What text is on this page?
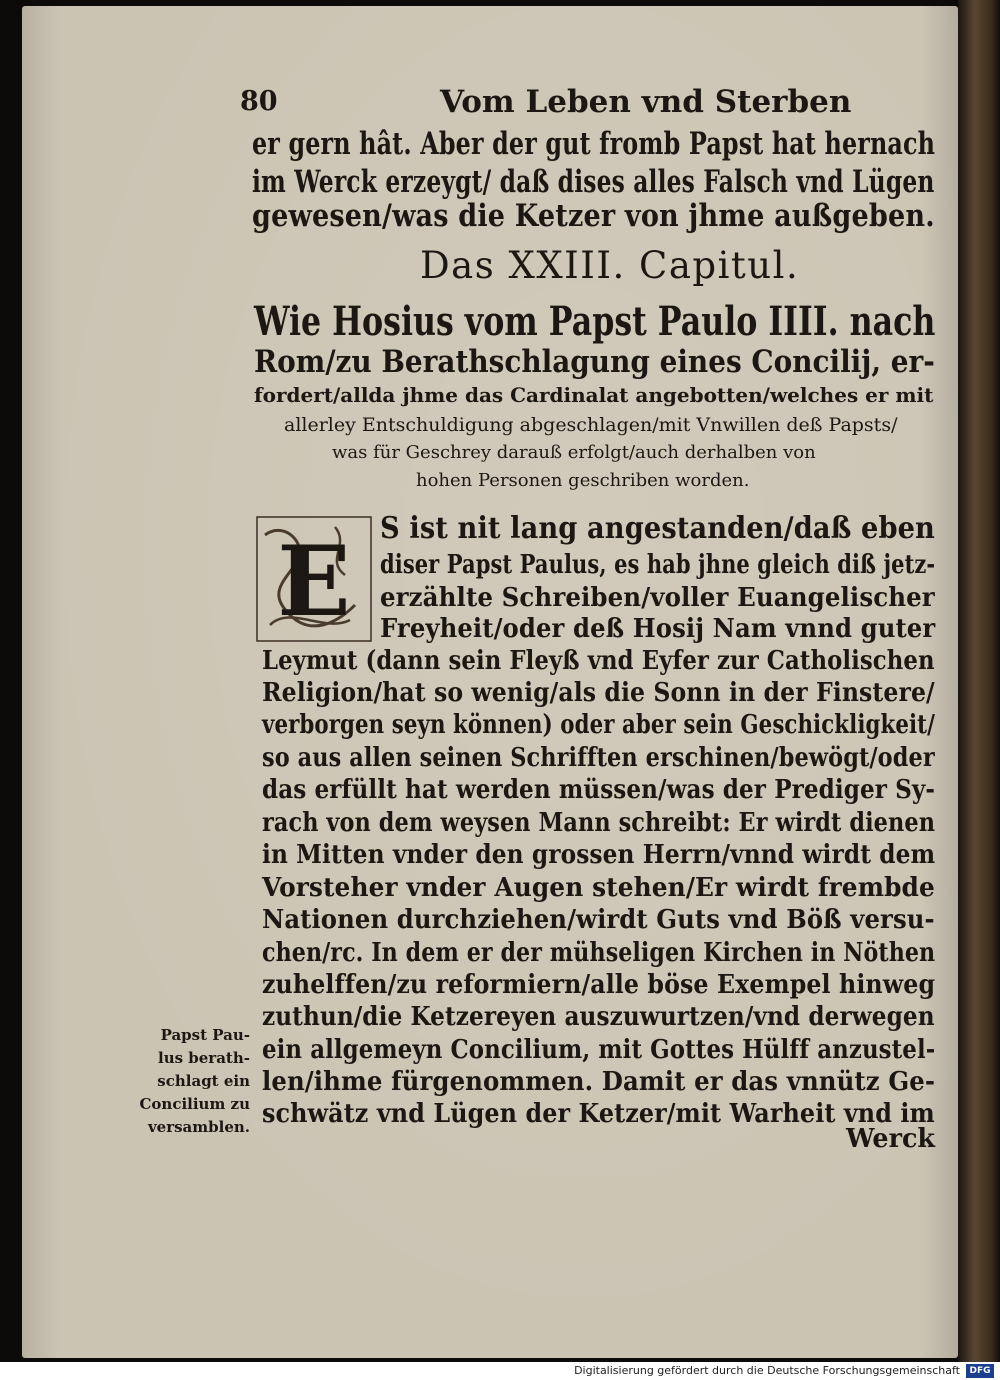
80	Vom Leben vnd Sterben
er gern hât. Aber der gut fromb Papst hat hernach
im Werck erzeygt/ daß dises alles Falsch vnd Lügen
gewesen/was die Ketzer von jhme außgeben.
Das XXIII. Capitul.
Wie Hosius vom Papst Paulo IIII. nach
Rom/zu Berathschlagung eines Concilij, er-
fordert/allda jhme das Cardinalat angebotten/welches er mit
allerley Entschuldigung abgeschlagen/mit Vnwillen deß Papsts/
was für Geschrey darauß erfolgt/auch derhalben von
hohen Personen geschriben worden.
E S ist nit lang angestanden/daß eben
diser Papst Paulus, es hab jhne gleich diß jetz-
erzählte Schreiben/voller Euangelischer
Freyheit/oder deß Hosij Nam vnnd guter
Leymut (dann sein Fleyß vnd Eyfer zur Catholischen
Religion/hat so wenig/als die Sonn in der Finstere/
verborgen seyn können) oder aber sein Geschickligkeit/
so aus allen seinen Schrifften erschinen/bewögt/oder
das erfüllt hat werden müssen/was der Prediger Sy-
rach von dem weysen Mann schreibt: Er wirdt dienen
in Mitten vnder den grossen Herrn/vnnd wirdt dem
Vorsteher vnder Augen stehen/Er wirdt frembde
Nationen durchziehen/wirdt Guts vnd Böß versu-
chen/rc. In dem er der mühseligen Kirchen in Nöthen
zuhelffen/zu reformiern/alle böse Exempel hinweg
zuthun/die Ketzereyen auszuwurtzen/vnd derwegen
ein allgemeyn Concilium, mit Gottes Hülff anzustel-
len/ihme fürgenommen. Damit er das vnnütz Ge-
schwätz vnd Lügen der Ketzer/mit Warheit vnd im
Werck
Papst Pau-
lus berath-
schlagt ein
Concilium zu
versamblen.
Digitalisierung gefördert durch die Deutsche Forschungsgemeinschaft	DFG
